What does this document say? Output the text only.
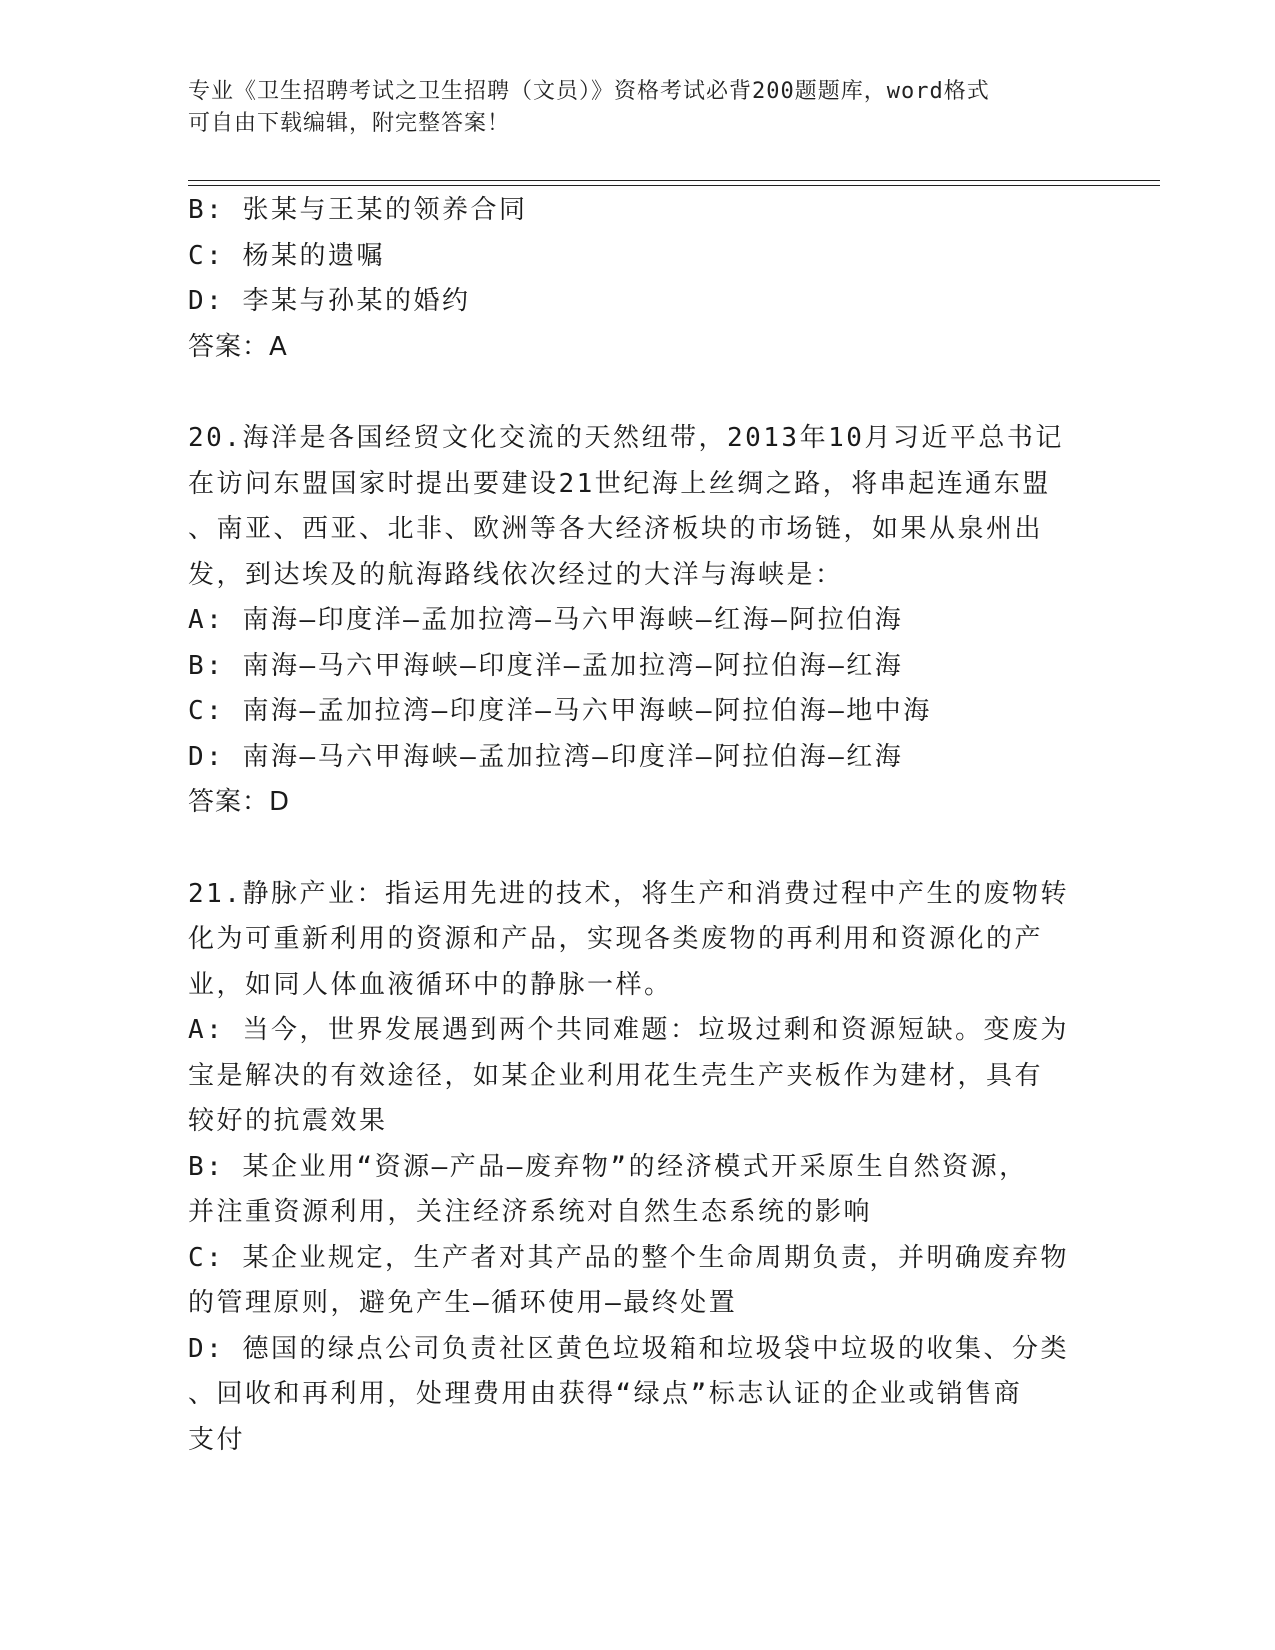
专业《卫生招聘考试之卫生招聘（文员）》资格考试必背200题题库，word格式
可自由下载编辑，附完整答案！
B: 张某与王某的领养合同
C: 杨某的遗嘱
D: 李某与孙某的婚约
答案：A
20.海洋是各国经贸文化交流的天然纽带，2013年10月习近平总书记
在访问东盟国家时提出要建设21世纪海上丝绸之路，将串起连通东盟
、南亚、西亚、北非、欧洲等各大经济板块的市场链，如果从泉州出
发，到达埃及的航海路线依次经过的大洋与海峡是：
A: 南海—印度洋—孟加拉湾—马六甲海峡—红海—阿拉伯海
B: 南海—马六甲海峡—印度洋—孟加拉湾—阿拉伯海—红海
C: 南海—孟加拉湾—印度洋—马六甲海峡—阿拉伯海—地中海
D: 南海—马六甲海峡—孟加拉湾—印度洋—阿拉伯海—红海
答案：D
21.静脉产业：指运用先进的技术，将生产和消费过程中产生的废物转
化为可重新利用的资源和产品，实现各类废物的再利用和资源化的产
业，如同人体血液循环中的静脉一样。
A: 当今，世界发展遇到两个共同难题：垃圾过剩和资源短缺。变废为
宝是解决的有效途径，如某企业利用花生壳生产夹板作为建材，具有
较好的抗震效果
B: 某企业用“资源—产品—废弃物”的经济模式开采原生自然资源，
并注重资源利用，关注经济系统对自然生态系统的影响
C: 某企业规定，生产者对其产品的整个生命周期负责，并明确废弃物
的管理原则，避免产生—循环使用—最终处置
D: 德国的绿点公司负责社区黄色垃圾箱和垃圾袋中垃圾的收集、分类
、回收和再利用，处理费用由获得“绿点”标志认证的企业或销售商
支付
